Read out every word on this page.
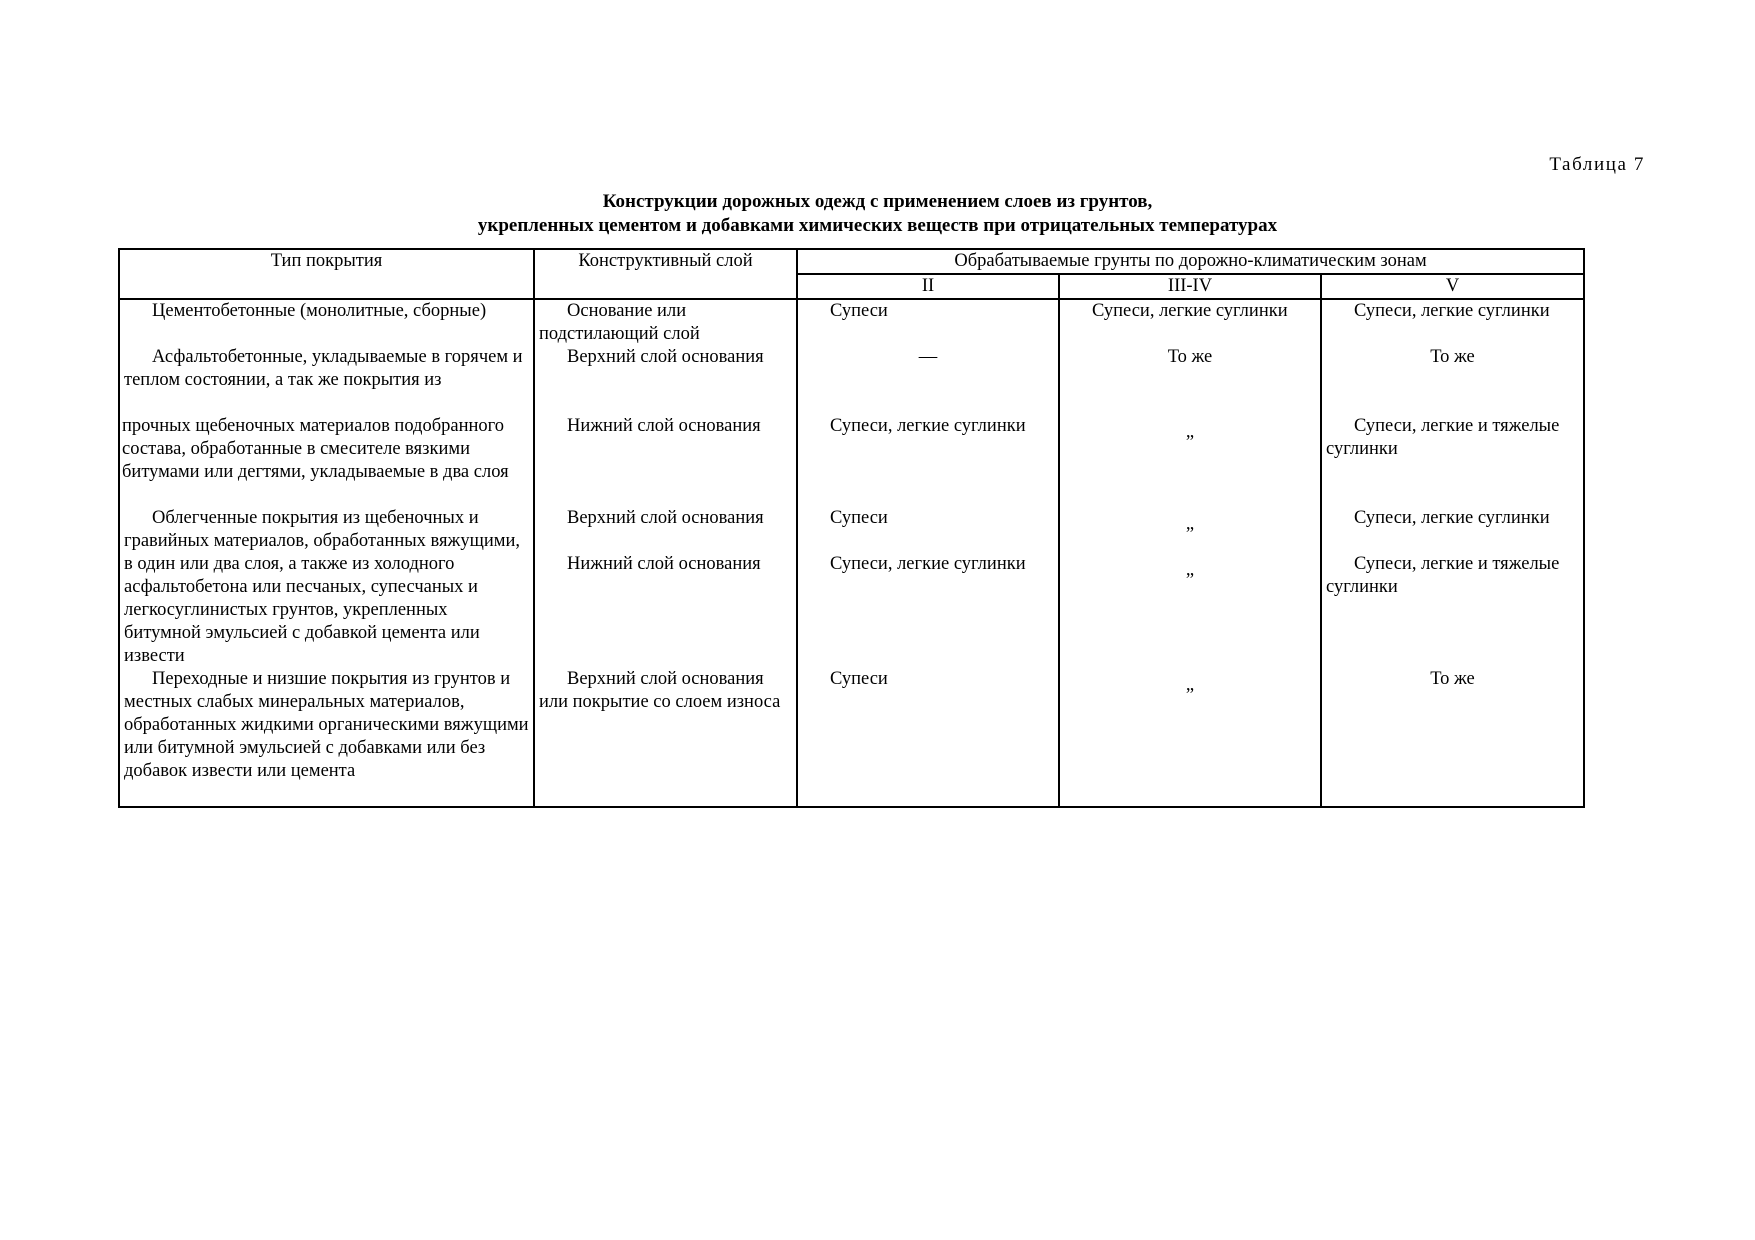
Таблица 7
Конструкции дорожных одежд с применением слоев из грунтов,
укрепленных цементом и добавками химических веществ при отрицательных температурах
Тип покрытия	Конструктивный слой	Обрабатываемые грунты по дорожно-климатическим зонам		
		II	III-IV	V
Цементобетонные (монолитные, сборные)	Основание или подстилающий слой	Супеси	Супеси, легкие суглинки	Супеси, легкие суглинки
Асфальтобетонные, укладываемые в горячем и теплом состоянии, а так же покрытия из	Верхний слой основания	—	То же	То же
прочных щебеночных материалов подобранного состава, обработанные в смесителе вязкими битумами или дегтями, укладываемые в два слоя	Нижний слой основания	Супеси, легкие суглинки	„	Супеси, легкие и тяжелые суглинки
Облегченные покрытия из щебеночных и гравийных материалов, обработанных вяжущими, в один или два слоя, а также из холодного асфальтобетона или песчаных, супесчаных и легкосуглинистых грунтов, укрепленных битумной эмульсией с добавкой цемента или извести	Верхний слой основания	Супеси	„	Супеси, легкие суглинки
	Нижний слой основания	Супеси, легкие суглинки	„	Супеси, легкие и тяжелые суглинки
Переходные и низшие покрытия из грунтов и местных слабых минеральных материалов, обработанных жидкими органическими вяжущими или битумной эмульсией с добавками или без добавок извести или цемента	Верхний слой основания или покрытие со слоем износа	Супеси	„	То же
